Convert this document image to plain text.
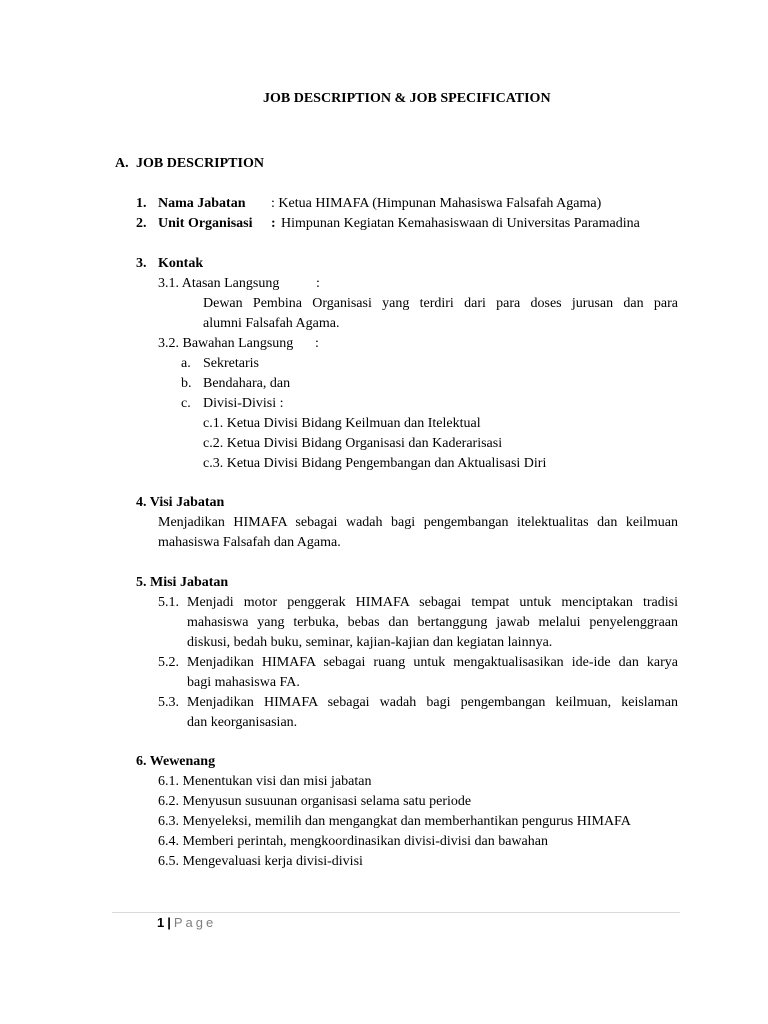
JOB DESCRIPTION & JOB SPECIFICATION
A. JOB DESCRIPTION
1. Nama Jabatan : Ketua HIMAFA (Himpunan Mahasiswa Falsafah Agama)
2. Unit Organisasi : Himpunan Kegiatan Kemahasiswaan di Universitas Paramadina
3. Kontak
3.1. Atasan Langsung	:
Dewan Pembina Organisasi yang terdiri dari para doses jurusan dan para
alumni Falsafah Agama.
3.2. Bawahan Langsung :
a. Sekretaris
b. Bendahara, dan
c. Divisi-Divisi :
c.1. Ketua Divisi Bidang Keilmuan dan Itelektual
c.2. Ketua Divisi Bidang Organisasi dan Kaderarisasi
c.3. Ketua Divisi Bidang Pengembangan dan Aktualisasi Diri
4. Visi Jabatan
Menjadikan HIMAFA sebagai wadah bagi pengembangan itelektualitas dan keilmuan
mahasiswa Falsafah dan Agama.
5. Misi Jabatan
5.1. Menjadi motor penggerak HIMAFA sebagai tempat untuk menciptakan tradisi
mahasiswa yang terbuka, bebas dan bertanggung jawab melalui penyelenggraan
diskusi, bedah buku, seminar, kajian-kajian dan kegiatan lainnya.
5.2. Menjadikan HIMAFA sebagai ruang untuk mengaktualisasikan ide-ide dan karya
bagi mahasiswa FA.
5.3. Menjadikan HIMAFA sebagai wadah bagi pengembangan keilmuan, keislaman
dan keorganisasian.
6. Wewenang
6.1. Menentukan visi dan misi jabatan
6.2. Menyusun susuunan organisasi selama satu periode
6.3. Menyeleksi, memilih dan mengangkat dan memberhantikan pengurus HIMAFA
6.4. Memberi perintah, mengkoordinasikan divisi-divisi dan bawahan
6.5. Mengevaluasi kerja divisi-divisi
1 | Page
